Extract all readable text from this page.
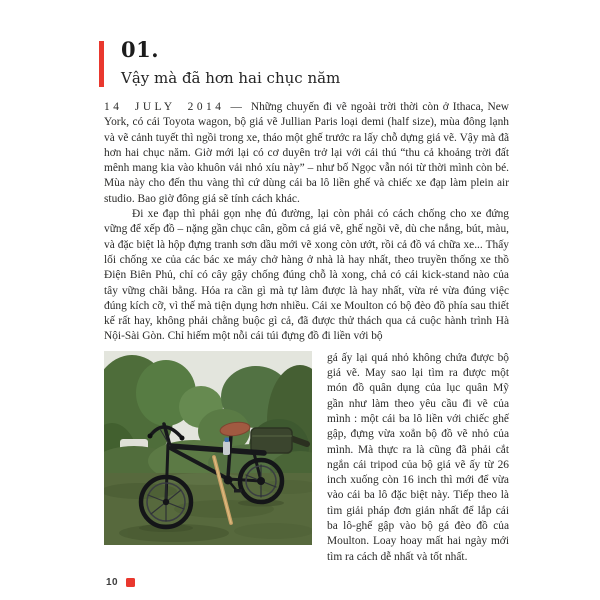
01.
Vậy mà đã hơn hai chục năm

14 JULY 2014 — Những chuyến đi vẽ ngoài trời thời còn ở Ithaca, New York, có cái Toyota wagon, bộ giá vẽ Jullian Paris loại demi (half size), mùa đông lạnh và vẽ cảnh tuyết thì ngồi trong xe, tháo một ghế trước ra lấy chỗ dựng giá vẽ. Vậy mà đã hơn hai chục năm. Giờ mới lại có cơ duyên trở lại với cái thú “thu cả khoảng trời đất mênh mang kia vào khuôn vải nhỏ xíu này” – như bố Ngọc vẫn nói từ thời mình còn bé. Mùa này cho đến thu vàng thì cứ dùng cái ba lô liền ghế và chiếc xe đạp làm plein air studio. Bao giờ đông giá sẽ tính cách khác.

Đi xe đạp thì phải gọn nhẹ đủ đường, lại còn phải có cách chống cho xe đứng vững để xếp đồ – nặng gần chục cân, gồm cả giá vẽ, ghế ngồi vẽ, dù che nắng, bút, màu, và đặc biệt là hộp đựng tranh sơn dầu mới vẽ xong còn ướt, rồi cả đồ vá chữa xe... Thấy lối chống xe của các bác xe máy chở hàng ở nhà là hay nhất, theo truyền thống xe thồ Điện Biên Phủ, chỉ có cây gậy chống đúng chỗ là xong, chả có cái kick-stand nào của tây vững chãi bằng. Hóa ra cần gì mà tự làm được là hay nhất, vừa rẻ vừa đúng việc đúng kích cỡ, vì thế mà tiện dụng hơn nhiều. Cái xe Moulton có bộ đèo đồ phía sau thiết kế rất hay, không phải chằng buộc gì cả, đã được thử thách qua cả cuộc hành trình Hà Nội-Sài Gòn. Chỉ hiếm một nỗi cái túi đựng đồ đi liền với bộ

gá ấy lại quá nhỏ không chứa được bộ giá vẽ. May sao lại tìm ra được một món đồ quân dụng của lục quân Mỹ gần như làm theo yêu cầu đi vẽ của mình : một cái ba lô liền với chiếc ghế gập, đựng vừa xoẳn bộ đồ vẽ nhỏ của mình. Mà thực ra là cũng đã phải cắt ngắn cái tripod của bộ giá vẽ ấy từ 26 inch xuống còn 16 inch thì mới để vừa vào cái ba lô đặc biệt này. Tiếp theo là tìm giải pháp đơn giản nhất để lắp cái ba lô-ghế gập vào bộ gá đèo đồ của Moulton. Loay hoay mất hai ngày mới tìm ra cách dễ nhất và tốt nhất.

10
